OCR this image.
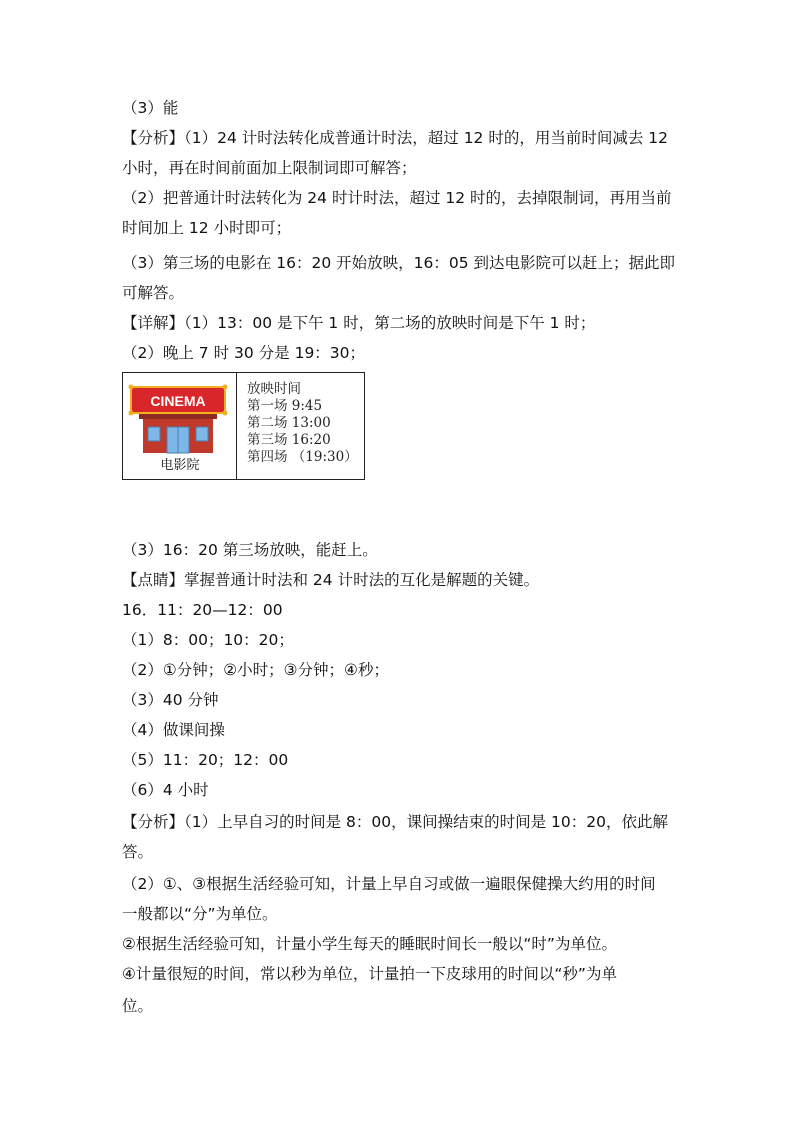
（3）能
【分析】（1）24 计时法转化成普通计时法，超过 12 时的，用当前时间减去 12
小时，再在时间前面加上限制词即可解答；
（2）把普通计时法转化为 24 时计时法，超过 12 时的，去掉限制词，再用当前
时间加上 12 小时即可；
（3）第三场的电影在 16：20 开始放映，16：05 到达电影院可以赶上；据此即
可解答。
【详解】（1）13：00 是下午 1 时，第二场的放映时间是下午 1 时；
（2）晚上 7 时 30 分是 19：30；
CINEMA
电影院
放映时间
第一场 9:45
第二场 13:00
第三场 16:20
第四场 （19:30）
（3）16：20 第三场放映，能赶上。
【点睛】掌握普通计时法和 24 计时法的互化是解题的关键。
16．11：20—12：00
（1）8：00；10：20；
（2）①分钟；②小时；③分钟；④秒；
（3）40 分钟
（4）做课间操
（5）11：20；12：00
（6）4 小时
【分析】（1）上早自习的时间是 8：00，课间操结束的时间是 10：20，依此解
答。
（2）①、③根据生活经验可知，计量上早自习或做一遍眼保健操大约用的时间
一般都以“分”为单位。
②根据生活经验可知，计量小学生每天的睡眠时间长一般以“时”为单位。
④计量很短的时间，常以秒为单位，计量拍一下皮球用的时间以“秒”为单
位。
